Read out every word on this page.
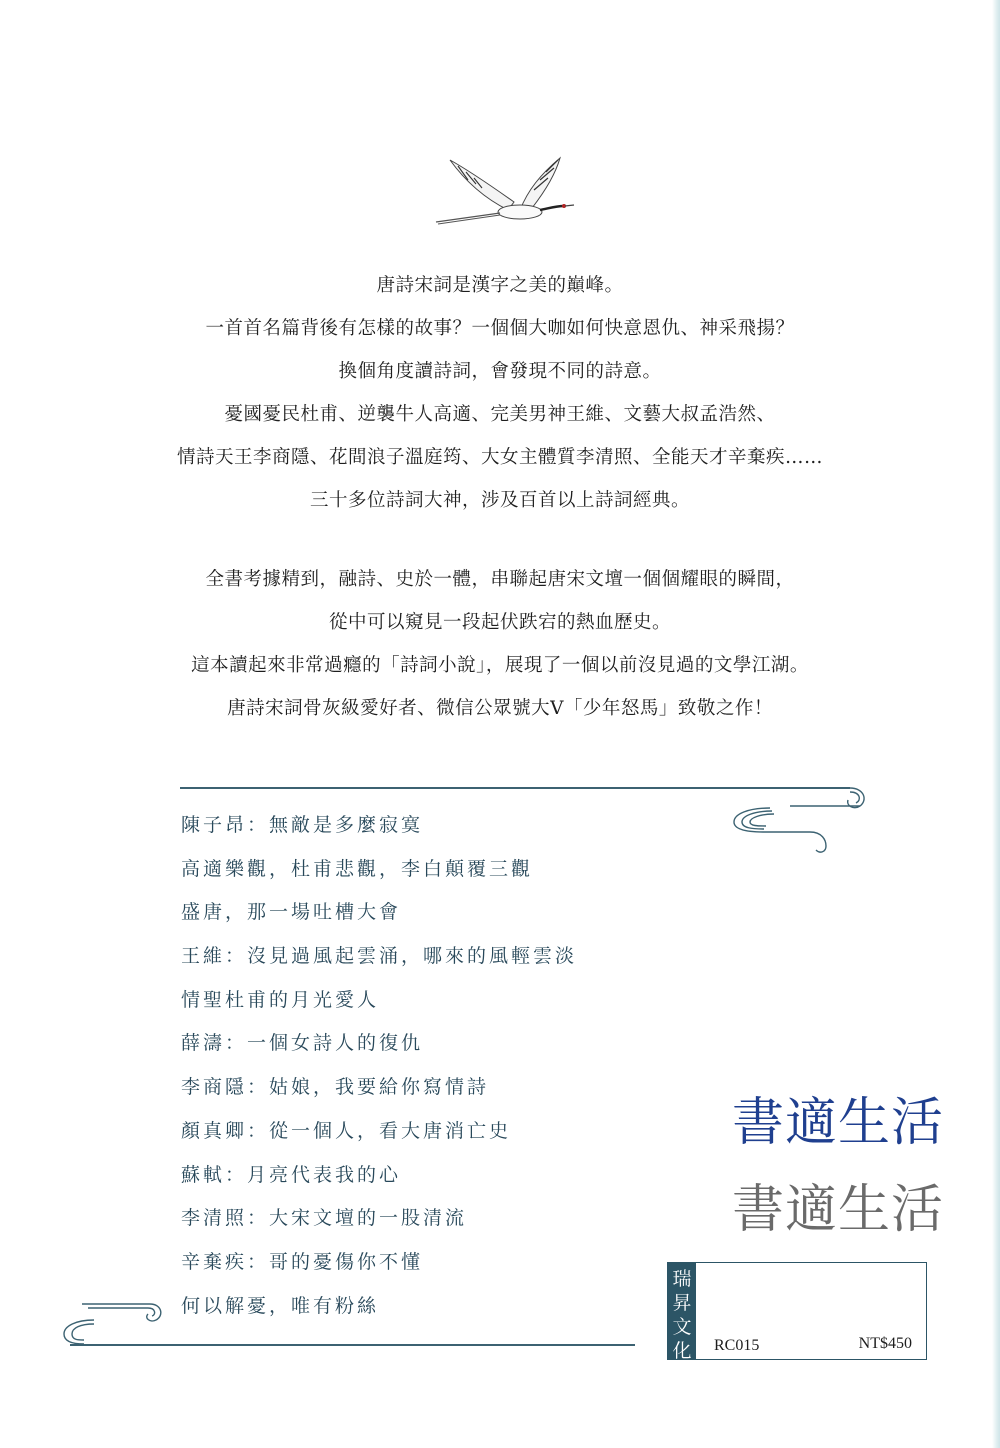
唐詩宋詞是漢字之美的巔峰。

一首首名篇背後有怎樣的故事？一個個大咖如何快意恩仇、神采飛揚？

換個角度讀詩詞，會發現不同的詩意。

憂國憂民杜甫、逆襲牛人高適、完美男神王維、文藝大叔孟浩然、

情詩天王李商隱、花間浪子溫庭筠、大女主體質李清照、全能天才辛棄疾……

三十多位詩詞大神，涉及百首以上詩詞經典。

全書考據精到，融詩、史於一體，串聯起唐宋文壇一個個耀眼的瞬間，

從中可以窺見一段起伏跌宕的熱血歷史。

這本讀起來非常過癮的「詩詞小說」，展現了一個以前沒見過的文學江湖。

唐詩宋詞骨灰級愛好者、微信公眾號大V「少年怒馬」致敬之作！

陳子昂：無敵是多麼寂寞
高適樂觀，杜甫悲觀，李白顛覆三觀
盛唐，那一場吐槽大會
王維：沒見過風起雲涌，哪來的風輕雲淡
情聖杜甫的月光愛人
薛濤：一個女詩人的復仇
李商隱：姑娘，我要給你寫情詩
顏真卿：從一個人，看大唐消亡史
蘇軾：月亮代表我的心
李清照：大宋文壇的一股清流
辛棄疾：哥的憂傷你不懂
何以解憂，唯有粉絲
書適生活
書適生活
瑞
昇
文
化 RC015	NT$450
